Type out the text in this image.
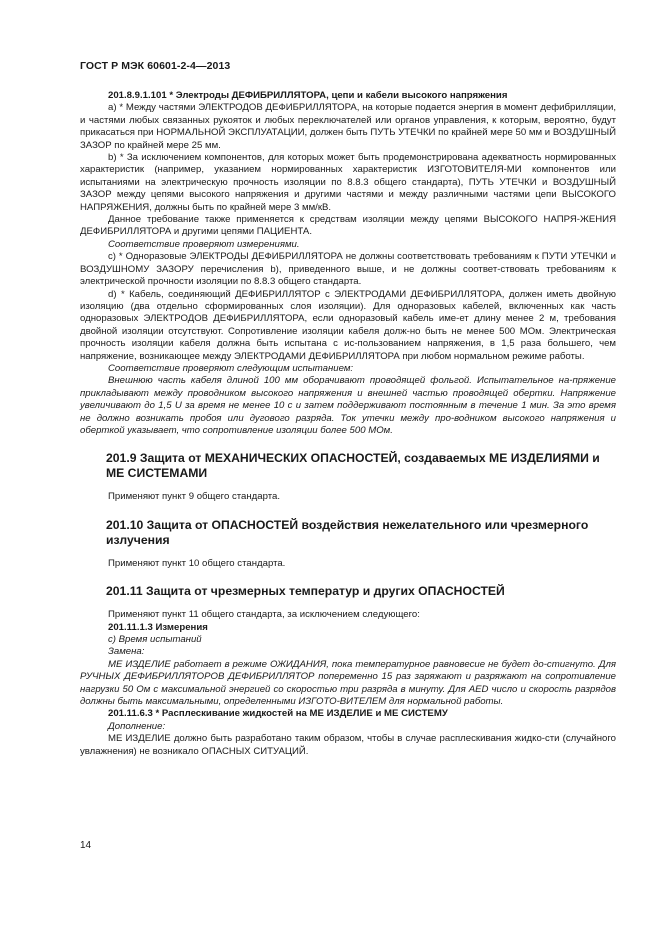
ГОСТ Р МЭК 60601-2-4—2013

201.8.9.1.101 * Электроды ДЕФИБРИЛЛЯТОРА, цепи и кабели высокого напряжения

a) * Между частями ЭЛЕКТРОДОВ ДЕФИБРИЛЛЯТОРА, на которые подается энергия в момент дефибрилляции, и частями любых связанных рукояток и любых переключателей или органов управления, к которым, вероятно, будут прикасаться при НОРМАЛЬНОЙ ЭКСПЛУАТАЦИИ, должен быть ПУТЬ УТЕЧКИ по крайней мере 50 мм и ВОЗДУШНЫЙ ЗАЗОР по крайней мере 25 мм.

b) * За исключением компонентов, для которых может быть продемонстрирована адекватность нормированных характеристик (например, указанием нормированных характеристик ИЗГОТОВИТЕЛЯ-МИ компонентов или испытаниями на электрическую прочность изоляции по 8.8.3 общего стандарта), ПУТЬ УТЕЧКИ и ВОЗДУШНЫЙ ЗАЗОР между цепями высокого напряжения и другими частями и между различными частями цепи ВЫСОКОГО НАПРЯЖЕНИЯ, должны быть по крайней мере 3 мм/кВ.

Данное требование также применяется к средствам изоляции между цепями ВЫСОКОГО НАПРЯ-ЖЕНИЯ ДЕФИБРИЛЛЯТОРА и другими цепями ПАЦИЕНТА.

Соответствие проверяют измерениями.

c) * Одноразовые ЭЛЕКТРОДЫ ДЕФИБРИЛЛЯТОРА не должны соответствовать требованиям к ПУТИ УТЕЧКИ и ВОЗДУШНОМУ ЗАЗОРУ перечисления b), приведенного выше, и не должны соответ-ствовать требованиям к электрической прочности изоляции по 8.8.3 общего стандарта.

d) * Кабель, соединяющий ДЕФИБРИЛЛЯТОР с ЭЛЕКТРОДАМИ ДЕФИБРИЛЛЯТОРА, должен иметь двойную изоляцию (два отдельно сформированных слоя изоляции). Для одноразовых кабелей, включенных как часть одноразовых ЭЛЕКТРОДОВ ДЕФИБРИЛЛЯТОРА, если одноразовый кабель име-ет длину менее 2 м, требования двойной изоляции отсутствуют. Сопротивление изоляции кабеля долж-но быть не менее 500 МОм. Электрическая прочность изоляции кабеля должна быть испытана с ис-пользованием напряжения, в 1,5 раза большего, чем напряжение, возникающее между ЭЛЕКТРОДАМИ ДЕФИБРИЛЛЯТОРА при любом нормальном режиме работы.

Соответствие проверяют следующим испытанием:

Внешнюю часть кабеля длиной 100 мм оборачивают проводящей фольгой. Испытательное на-пряжение прикладывают между проводником высокого напряжения и внешней частью проводящей обертки. Напряжение увеличивают до 1,5 U за время не менее 10 с и затем поддерживают постоянным в течение 1 мин. За это время не должно возникать пробоя или дугового разряда. Ток утечки между про-водником высокого напряжения и оберткой указывает, что сопротивление изоляции более 500 МОм.

201.9 Защита от МЕХАНИЧЕСКИХ ОПАСНОСТЕЙ, создаваемых МЕ ИЗДЕЛИЯМИ и МЕ СИСТЕМАМИ

Применяют пункт 9 общего стандарта.

201.10 Защита от ОПАСНОСТЕЙ воздействия нежелательного или чрезмерного излучения

Применяют пункт 10 общего стандарта.

201.11 Защита от чрезмерных температур и других ОПАСНОСТЕЙ

Применяют пункт 11 общего стандарта, за исключением следующего:

201.11.1.3 Измерения

с) Время испытаний

Замена:

МЕ ИЗДЕЛИЕ работает в режиме ОЖИДАНИЯ, пока температурное равновесие не будет до-стигнуто. Для РУЧНЫХ ДЕФИБРИЛЛЯТОРОВ ДЕФИБРИЛЛЯТОР попеременно 15 раз заряжают и разряжают на сопротивление нагрузки 50 Ом с максимальной энергией со скоростью три разряда в минуту. Для AED число и скорость разрядов должны быть максимальными, определенными ИЗГОТО-ВИТЕЛЕМ для нормальной работы.

201.11.6.3 * Расплескивание жидкостей на МЕ ИЗДЕЛИЕ и МЕ СИСТЕМУ

Дополнение:

МЕ ИЗДЕЛИЕ должно быть разработано таким образом, чтобы в случае расплескивания жидко-сти (случайного увлажнения) не возникало ОПАСНЫХ СИТУАЦИЙ.

14
